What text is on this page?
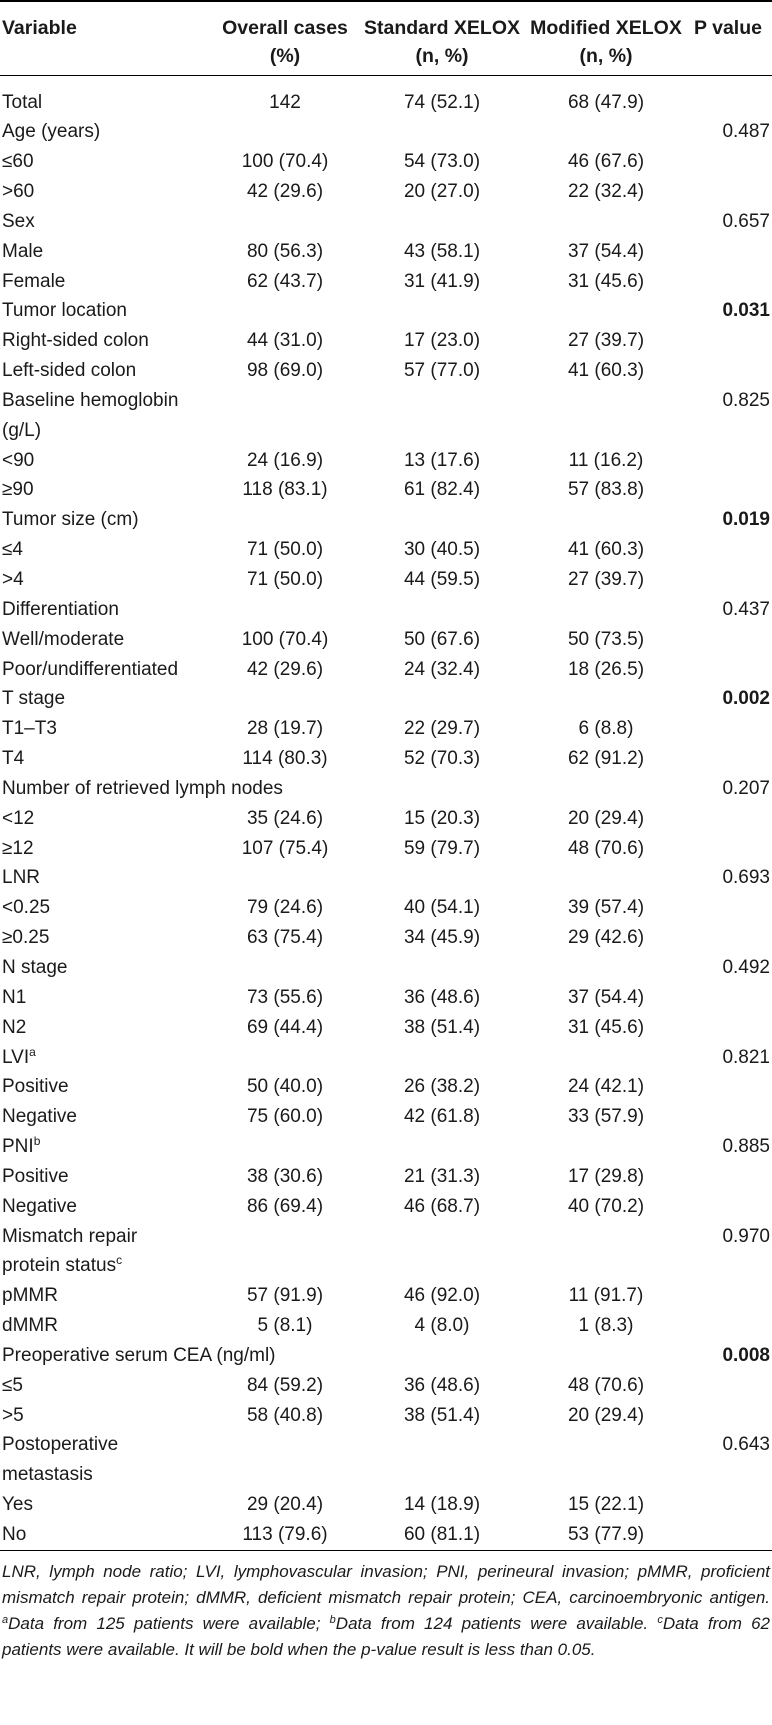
Variable	Overall cases (%)	Standard XELOX (n, %)	Modified XELOX (n, %)	P value
Total	142	74 (52.1)	68 (47.9)	
Age (years)				0.487
≤60	100 (70.4)	54 (73.0)	46 (67.6)	
>60	42 (29.6)	20 (27.0)	22 (32.4)	
Sex				0.657
Male	80 (56.3)	43 (58.1)	37 (54.4)	
Female	62 (43.7)	31 (41.9)	31 (45.6)	
Tumor location				0.031
Right-sided colon	44 (31.0)	17 (23.0)	27 (39.7)	
Left-sided colon	98 (69.0)	57 (77.0)	41 (60.3)	
Baseline hemoglobin				0.825
(g/L)				
<90	24 (16.9)	13 (17.6)	11 (16.2)	
≥90	118 (83.1)	61 (82.4)	57 (83.8)	
Tumor size (cm)				0.019
≤4	71 (50.0)	30 (40.5)	41 (60.3)	
>4	71 (50.0)	44 (59.5)	27 (39.7)	
Differentiation				0.437
Well/moderate	100 (70.4)	50 (67.6)	50 (73.5)	
Poor/undifferentiated	42 (29.6)	24 (32.4)	18 (26.5)	
T stage				0.002
T1–T3	28 (19.7)	22 (29.7)	6 (8.8)	
T4	114 (80.3)	52 (70.3)	62 (91.2)	
Number of retrieved lymph nodes				0.207
<12	35 (24.6)	15 (20.3)	20 (29.4)	
≥12	107 (75.4)	59 (79.7)	48 (70.6)	
LNR				0.693
<0.25	79 (24.6)	40 (54.1)	39 (57.4)	
≥0.25	63 (75.4)	34 (45.9)	29 (42.6)	
N stage				0.492
N1	73 (55.6)	36 (48.6)	37 (54.4)	
N2	69 (44.4)	38 (51.4)	31 (45.6)	
LVI$^a$				0.821
Positive	50 (40.0)	26 (38.2)	24 (42.1)	
Negative	75 (60.0)	42 (61.8)	33 (57.9)	
PNI$^b$				0.885
Positive	38 (30.6)	21 (31.3)	17 (29.8)	
Negative	86 (69.4)	46 (68.7)	40 (70.2)	
Mismatch repair				0.970
protein status$^c$				
pMMR	57 (91.9)	46 (92.0)	11 (91.7)	
dMMR	5 (8.1)	4 (8.0)	1 (8.3)	
Preoperative serum CEA (ng/ml)				0.008
≤5	84 (59.2)	36 (48.6)	48 (70.6)	
>5	58 (40.8)	38 (51.4)	20 (29.4)	
Postoperative				0.643
metastasis				
Yes	29 (20.4)	14 (18.9)	15 (22.1)	
No	113 (79.6)	60 (81.1)	53 (77.9)	
LNR, lymph node ratio; LVI, lymphovascular invasion; PNI, perineural invasion; pMMR, proficient mismatch repair protein; dMMR, deficient mismatch repair protein; CEA, carcinoembryonic antigen. $^a$Data from 125 patients were available; $^b$Data from 124 patients were available. $^c$Data from 62 patients were available. It will be bold when the p-value result is less than 0.05.
